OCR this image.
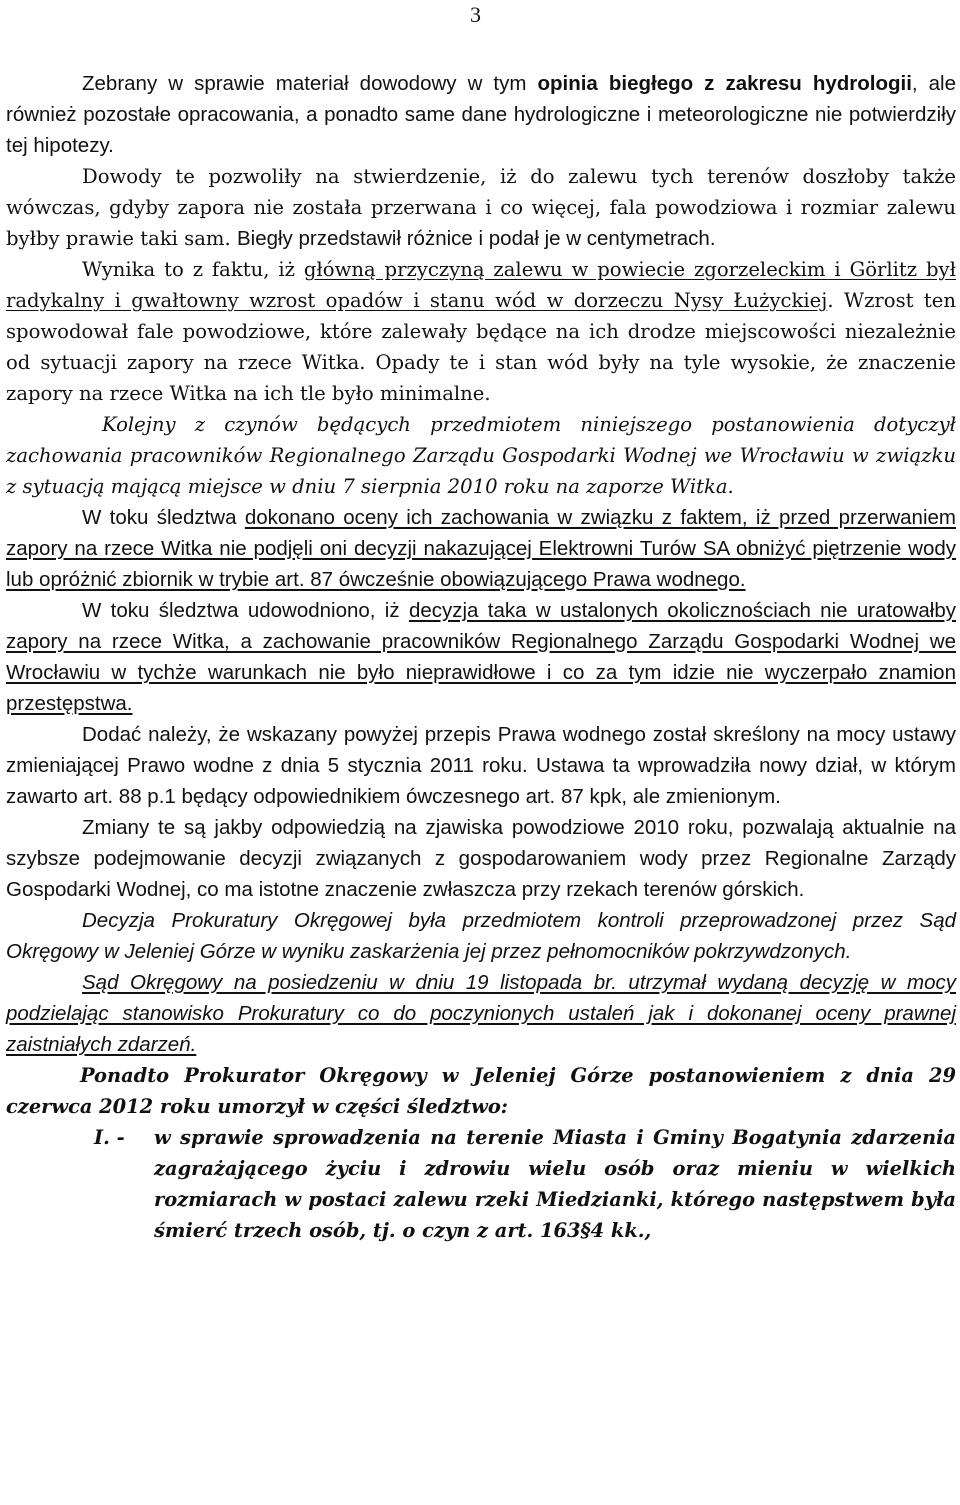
3

Zebrany w sprawie materiał dowodowy w tym opinia biegłego z zakresu hydrologii, ale również pozostałe opracowania, a ponadto same dane hydrologiczne i meteorologiczne nie potwierdziły tej hipotezy.

Dowody te pozwoliły na stwierdzenie, iż do zalewu tych terenów doszłoby także wówczas, gdyby zapora nie została przerwana i co więcej, fala powodziowa i rozmiar zalewu byłby prawie taki sam. Biegły przedstawił różnice i podał je w centymetrach.

Wynika to z faktu, iż główną przyczyną zalewu w powiecie zgorzeleckim i Görlitz był radykalny i gwałtowny wzrost opadów i stanu wód w dorzeczu Nysy Łużyckiej. Wzrost ten spowodował fale powodziowe, które zalewały będące na ich drodze miejscowości niezależnie od sytuacji zapory na rzece Witka. Opady te i stan wód były na tyle wysokie, że znaczenie zapory na rzece Witka na ich tle było minimalne.

Kolejny z czynów będących przedmiotem niniejszego postanowienia dotyczył zachowania pracowników Regionalnego Zarządu Gospodarki Wodnej we Wrocławiu w związku z sytuacją mającą miejsce w dniu 7 sierpnia 2010 roku na zaporze Witka.

W toku śledztwa dokonano oceny ich zachowania w związku z faktem, iż przed przerwaniem zapory na rzece Witka nie podjęli oni decyzji nakazującej Elektrowni Turów SA obniżyć piętrzenie wody lub opróżnić zbiornik w trybie art. 87 ówcześnie obowiązującego Prawa wodnego.

W toku śledztwa udowodniono, iż decyzja taka w ustalonych okolicznościach nie uratowałby zapory na rzece Witka, a zachowanie pracowników Regionalnego Zarządu Gospodarki Wodnej we Wrocławiu w tychże warunkach nie było nieprawidłowe i co za tym idzie nie wyczerpało znamion przestępstwa.

Dodać należy, że wskazany powyżej przepis Prawa wodnego został skreślony na mocy ustawy zmieniającej Prawo wodne z dnia 5 stycznia 2011 roku. Ustawa ta wprowadziła nowy dział, w którym zawarto art. 88 p.1 będący odpowiednikiem ówczesnego art. 87 kpk, ale zmienionym.

Zmiany te są jakby odpowiedzią na zjawiska powodziowe 2010 roku, pozwalają aktualnie na szybsze podejmowanie decyzji związanych z gospodarowaniem wody przez Regionalne Zarządy Gospodarki Wodnej, co ma istotne znaczenie zwłaszcza przy rzekach terenów górskich.

Decyzja Prokuratury Okręgowej była przedmiotem kontroli przeprowadzonej przez Sąd Okręgowy w Jeleniej Górze w wyniku zaskarżenia jej przez pełnomocników pokrzywdzonych.

Sąd Okręgowy na posiedzeniu w dniu 19 listopada br. utrzymał wydaną decyzję w mocy podzielając stanowisko Prokuratury co do poczynionych ustaleń jak i dokonanej oceny prawnej zaistniałych zdarzeń.

Ponadto Prokurator Okręgowy w Jeleniej Górze postanowieniem z dnia 29 czerwca 2012 roku umorzył w części śledztwo:

I. - w sprawie sprowadzenia na terenie Miasta i Gminy Bogatynia zdarzenia zagrażającego życiu i zdrowiu wielu osób oraz mieniu w wielkich rozmiarach w postaci zalewu rzeki Miedzianki, którego następstwem była śmierć trzech osób, tj. o czyn z art. 163§4 kk.,
